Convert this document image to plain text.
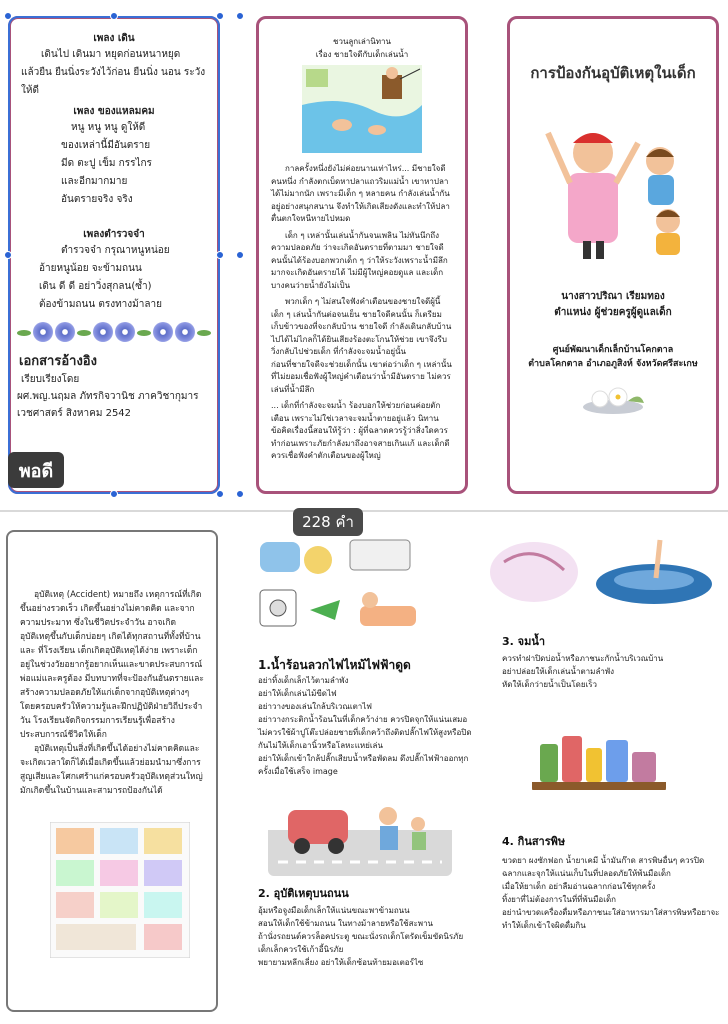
เพลง เดิน
เดินไป เดินมา หยุดก่อนหนาหยุด
แล้วยืน ยืนนิ่งระวังไว้ก่อน ยืนนิ่ง นอน ระวัง
ให้ดี
เพลง ของแหลมคม
หนู หนู หนู ดูให้ดี
ของเหล่านี้มีอันตราย
มีด ตะปู เข็ม กรรไกร
และอีกมากมาย
อันตรายจริง จริง
เพลงตำรวจจ๋า
ตำรวจจ๋า กรุณาหนูหน่อย
อ้ายหนูน้อย จะข้ามถนน
เดิน ดี ดี อย่าวิ่งสุกลน(ซ้ำ)
ต้องข้ามถนน ตรงทางม้าลาย
เอกสารอ้างอิง
เรียบเรียงโดย
ผศ.พญ.นฤมล ภัทรกิจวานิช ภาควิชากุมาร
เวชศาสตร์ สิงหาคม 2542
พอดี
ชวนลูกเล่านิทาน
เรื่อง ชายใจดีกับเด็กเล่นน้ำ
กาลครั้งหนึ่งยังไม่ค่อยนานเท่าไหร่... มีชายใจดีคนหนึ่ง กำลังตกเบ็ดหาปลาแถวริมแม่น้ำ เขาหาปลาได้ไม่มากนัก เพราะมีเด็ก ๆ หลายคน กำลังเล่นน้ำกันอยู่อย่างสนุกสนาน จึงทำให้เกิดเสียงดังและทำให้ปลาตื่นตกใจหนีหายไปหมด
เด็ก ๆ เหล่านั้นเล่นน้ำกันจนเพลิน ไม่ทันนึกถึงความปลอดภัย ว่าจะเกิดอันตรายที่ตามมา ชายใจดีคนนั้นได้ร้องบอกพวกเด็ก ๆ ว่าให้ระวังเพราะน้ำมีลึกมากจะเกิดอันตรายได้ ไม่มีผู้ใหญ่คอยดูแล และเด็กบางคนว่ายน้ำยังไม่เป็น
พวกเด็ก ๆ ไม่สนใจฟังคำเตือนของชายใจดีผู้นี้ เด็ก ๆ เล่นน้ำกันต่อจนเย็น ชายใจดีคนนั้น ก็เตรียมเก็บข้าวของที่จะกลับบ้าน ชายใจดี กำลังเดินกลับบ้านไปได้ไม่ไกลก็ได้ยินเสียงร้องตะโกนให้ช่วย เขาจึงรีบวิ่งกลับไปช่วยเด็ก ที่กำลังจะจมน้ำอยู่นั้น
ก่อนที่ชายใจดีจะช่วยเด็กนั้น เขาต่อว่าเด็ก ๆ เหล่านั้นที่ไม่ยอมเชื่อฟังผู้ใหญ่คำเตือนว่าน้ำมีอันตราย ไม่ควรเล่นที่น้ำมีลึก
... เด็กที่กำลังจะจมน้ำ ร้องบอกให้ช่วยก่อนค่อยตักเตือน เพราะไม่ใช่เวลาจะจมน้ำตายอยู่แล้ว นิทานข้อคิดเรื่องนี้สอนให้รู้ว่า : ผู้ที่ฉลาดควรรู้ว่าสิ่งใดควรทำก่อนเพราะภัยกำลังมาถึงอาจสายเกินแก้ และเด็กดีควรเชื่อฟังคำตักเตือนของผู้ใหญ่
การป้องกันอุบัติเหตุในเด็ก
นางสาวปริณา เรียมทอง
ตำแหน่ง ผู้ช่วยครูผู้ดูแลเด็ก
ศูนย์พัฒนาเด็กเล็กบ้านโคกตาล
ตำบลโคกตาล อำเภอภูสิงห์ จังหวัดศรีสะเกษ
228 คำ
อุบัติเหตุ (Accident) หมายถึง เหตุการณ์ที่เกิดขึ้นอย่างรวดเร็ว เกิดขึ้นอย่างไม่คาดคิด และจากความประมาท ซึ่งในชีวิตประจำวัน อาจเกิดอุบัติเหตุขึ้นกับเด็กบ่อยๆ เกิดได้ทุกสถานที่ทั้งที่บ้านและ ที่โรงเรียน เด็กเกิดอุบัติเหตุได้ง่าย เพราะเด็กอยู่ในช่วงวัยอยากรู้อยากเห็นและขาดประสบการณ์ พ่อแม่และครูต้อง มีบทบาทที่จะป้องกันอันตรายและสร้างความปลอดภัยให้แก่เด็กจากอุบัติเหตุต่างๆ โดยครอบครัวให้ความรู้และฝึกปฏิบัติฝ่ายวิถีประจำวัน โรงเรียนจัดกิจกรรมการเรียนรู้เพื่อสร้างประสบการณ์ชีวิตให้เด็ก
อุบัติเหตุเป็นสิ่งที่เกิดขึ้นได้อย่างไม่คาดคิดและจะเกิดเวลาใดก็ได้เมื่อเกิดขึ้นแล้วย่อมนำมาซึ่งการสูญเสียและโศกเศร้าแก่ครอบครัวอุบัติเหตุส่วนใหญ่มักเกิดขึ้นในบ้านและสามารถป้องกันได้
1.น้ำร้อนลวกไฟไหม้ไฟฟ้าดูด
อย่าทิ้งเด็กเล็กไว้ตามลำพัง
อย่าให้เด็กเล่นไม้ขีดไฟ
อย่าวางของเล่นใกล้บริเวณเตาไฟ
อย่าวางกระติกน้ำร้อนในที่เด็กคว้าง่าย ควรปิดจุกให้แน่นเสมอ ไม่ควรใช้ผ้าปูโต๊ะปล่อยชายที่เด็กคว้าถึงติดปลั๊กไฟให้สูงหรือปิดกันไม่ให้เด็กเอานิ้วหรือโลหะแหย่เล่น
อย่าให้เด็กเข้าใกล้ปลั๊กเสียบน้ำหรือพัดลม ดึงปลั๊กไฟฟ้าออกทุกครั้งเมื่อใช้เสร็จ image
2. อุบัติเหตุบนถนน
อุ้มหรือจูงมือเด็กเล็กให้แน่นขณะพาข้ามถนน
สอนให้เด็กใช้ข้ามถนน ในทางม้าลายหรือใช้สะพาน
ถ้านั่งรถยนต์ควรล็อคประตู ขณะนั่งรถเด็กโตรัดเข็มขัดนิรภัย เด็กเล็กควรใช้เก้าอี้นิรภัย
พยายามหลีกเลี่ยง อย่าให้เด็กซ้อนท้ายมอเตอร์ไซ
3. จมน้ำ
ควรทำฝาปิดบ่อน้ำหรือภาชนะกักน้ำบริเวณบ้าน
อย่าปล่อยให้เด็กเล่นน้ำตามลำพัง
หัดให้เด็กว่ายน้ำเป็นโดยเร็ว
4. กินสารพิษ
ขวดยา ผงซักฟอก น้ำยาเคมี น้ำมันก๊าด สารพิษอื่นๆ ควรปิดฉลากและจุกให้แน่นเก็บในที่ปลอดภัยให้พ้นมือเด็ก
เมื่อให้ยาเด็ก อย่าลืมอ่านฉลากก่อนใช้ทุกครั้ง
ทิ้งยาที่ไม่ต้องการในที่ที่พ้นมือเด็ก
อย่านำขวดเครื่องดื่มหรือภาชนะใส่อาหารมาใส่สารพิษหรือยาจะทำให้เด็กเข้าใจผิดดื่มกิน
